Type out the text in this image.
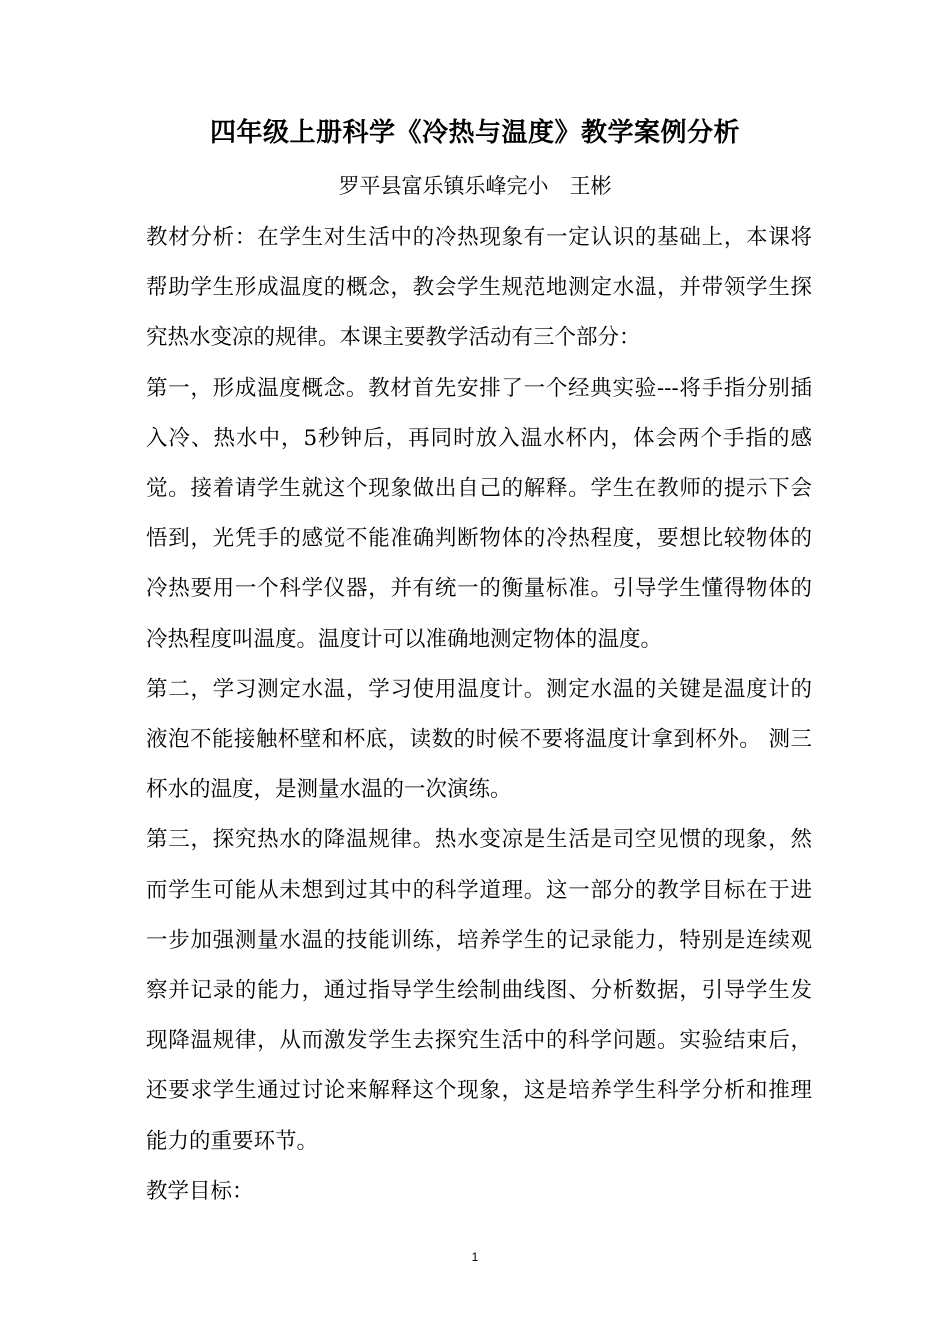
四年级上册科学《冷热与温度》教学案例分析
罗平县富乐镇乐峰完小　王彬

教材分析：在学生对生活中的冷热现象有一定认识的基础上，本课将帮助学生形成温度的概念，教会学生规范地测定水温，并带领学生探究热水变凉的规律。本课主要教学活动有三个部分：

第一，形成温度概念。教材首先安排了一个经典实验---将手指分别插入冷、热水中，5秒钟后，再同时放入温水杯内，体会两个手指的感觉。接着请学生就这个现象做出自己的解释。学生在教师的提示下会悟到，光凭手的感觉不能准确判断物体的冷热程度，要想比较物体的冷热要用一个科学仪器，并有统一的衡量标准。引导学生懂得物体的冷热程度叫温度。温度计可以准确地测定物体的温度。

第二，学习测定水温，学习使用温度计。测定水温的关键是温度计的液泡不能接触杯壁和杯底，读数的时候不要将温度计拿到杯外。 测三杯水的温度，是测量水温的一次演练。

第三，探究热水的降温规律。热水变凉是生活是司空见惯的现象，然而学生可能从未想到过其中的科学道理。这一部分的教学目标在于进一步加强测量水温的技能训练，培养学生的记录能力，特别是连续观察并记录的能力，通过指导学生绘制曲线图、分析数据，引导学生发现降温规律，从而激发学生去探究生活中的科学问题。实验结束后，还要求学生通过讨论来解释这个现象，这是培养学生科学分析和推理能力的重要环节。

教学目标：

1
